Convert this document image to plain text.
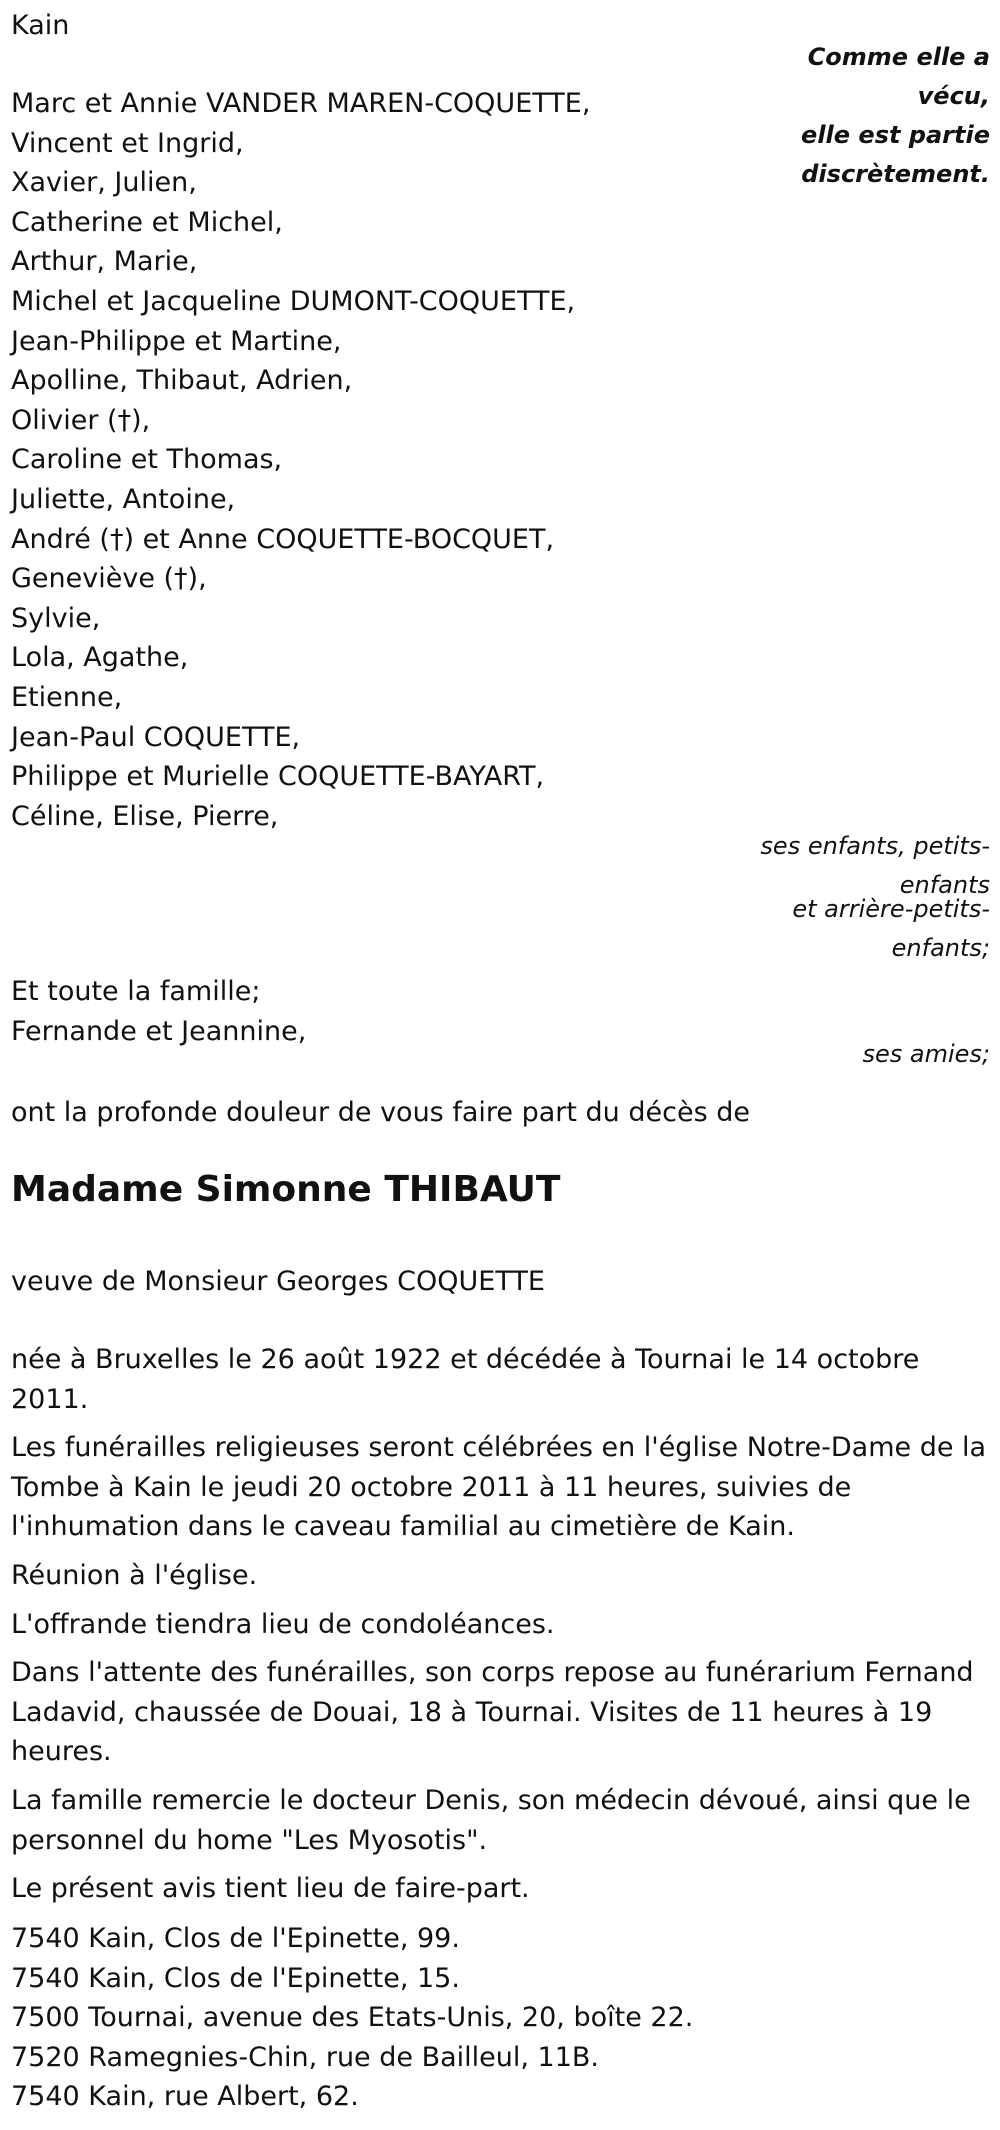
Kain
Comme elle a
vécu,
elle est partie
discrètement.
Marc et Annie VANDER MAREN-COQUETTE,
Vincent et Ingrid,
Xavier, Julien,
Catherine et Michel,
Arthur, Marie,
Michel et Jacqueline DUMONT-COQUETTE,
Jean-Philippe et Martine,
Apolline, Thibaut, Adrien,
Olivier (†),
Caroline et Thomas,
Juliette, Antoine,
André (†) et Anne COQUETTE-BOCQUET,
Geneviève (†),
Sylvie,
Lola, Agathe,
Etienne,
Jean-Paul COQUETTE,
Philippe et Murielle COQUETTE-BAYART,
Céline, Elise, Pierre,
ses enfants, petits-
enfants
et arrière-petits-
enfants;
Et toute la famille;
Fernande et Jeannine,
ses amies;
ont la profonde douleur de vous faire part du décès de
Madame Simonne THIBAUT
veuve de Monsieur Georges COQUETTE

née à Bruxelles le 26 août 1922 et décédée à Tournai le 14 octobre 2011.

Les funérailles religieuses seront célébrées en l'église Notre-Dame de la Tombe à Kain le jeudi 20 octobre 2011 à 11 heures, suivies de l'inhumation dans le caveau familial au cimetière de Kain.

Réunion à l'église.

L'offrande tiendra lieu de condoléances.

Dans l'attente des funérailles, son corps repose au funérarium Fernand Ladavid, chaussée de Douai, 18 à Tournai. Visites de 11 heures à 19 heures.

La famille remercie le docteur Denis, son médecin dévoué, ainsi que le personnel du home "Les Myosotis".

Le présent avis tient lieu de faire-part.

7540 Kain, Clos de l'Epinette, 99.
7540 Kain, Clos de l'Epinette, 15.
7500 Tournai, avenue des Etats-Unis, 20, boîte 22.
7520 Ramegnies-Chin, rue de Bailleul, 11B.
7540 Kain, rue Albert, 62.
